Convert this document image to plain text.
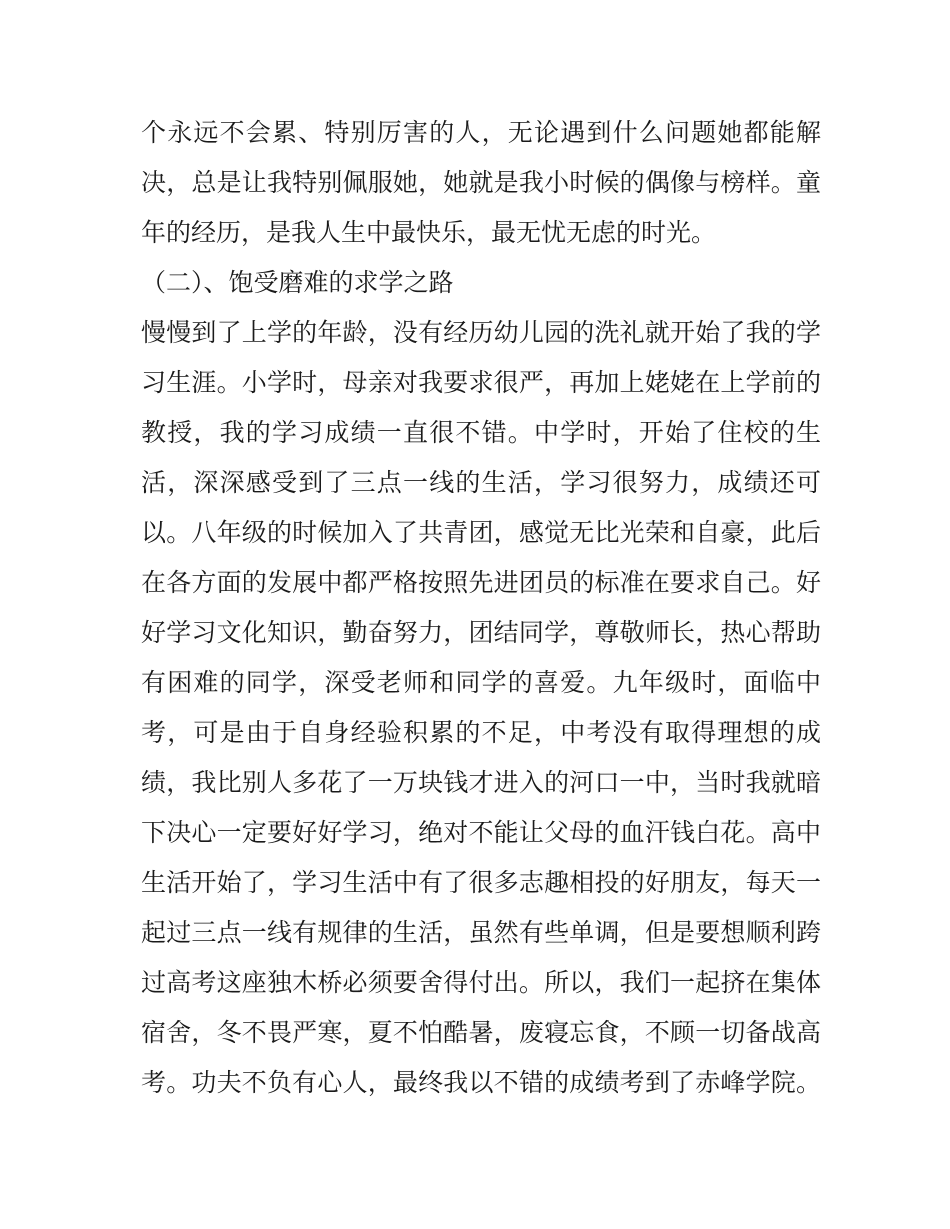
个永远不会累、特别厉害的人，无论遇到什么问题她都能解
决，总是让我特别佩服她，她就是我小时候的偶像与榜样。童
年的经历，是我人生中最快乐，最无忧无虑的时光。
（二）、饱受磨难的求学之路
慢慢到了上学的年龄，没有经历幼儿园的洗礼就开始了我的学
习生涯。小学时，母亲对我要求很严，再加上姥姥在上学前的
教授，我的学习成绩一直很不错。中学时，开始了住校的生
活，深深感受到了三点一线的生活，学习很努力，成绩还可
以。八年级的时候加入了共青团，感觉无比光荣和自豪，此后
在各方面的发展中都严格按照先进团员的标准在要求自己。好
好学习文化知识，勤奋努力，团结同学，尊敬师长，热心帮助
有困难的同学，深受老师和同学的喜爱。九年级时，面临中
考，可是由于自身经验积累的不足，中考没有取得理想的成
绩，我比别人多花了一万块钱才进入的河口一中，当时我就暗
下决心一定要好好学习，绝对不能让父母的血汗钱白花。高中
生活开始了，学习生活中有了很多志趣相投的好朋友，每天一
起过三点一线有规律的生活，虽然有些单调，但是要想顺利跨
过高考这座独木桥必须要舍得付出。所以，我们一起挤在集体
宿舍，冬不畏严寒，夏不怕酷暑，废寝忘食，不顾一切备战高
考。功夫不负有心人，最终我以不错的成绩考到了赤峰学院。
